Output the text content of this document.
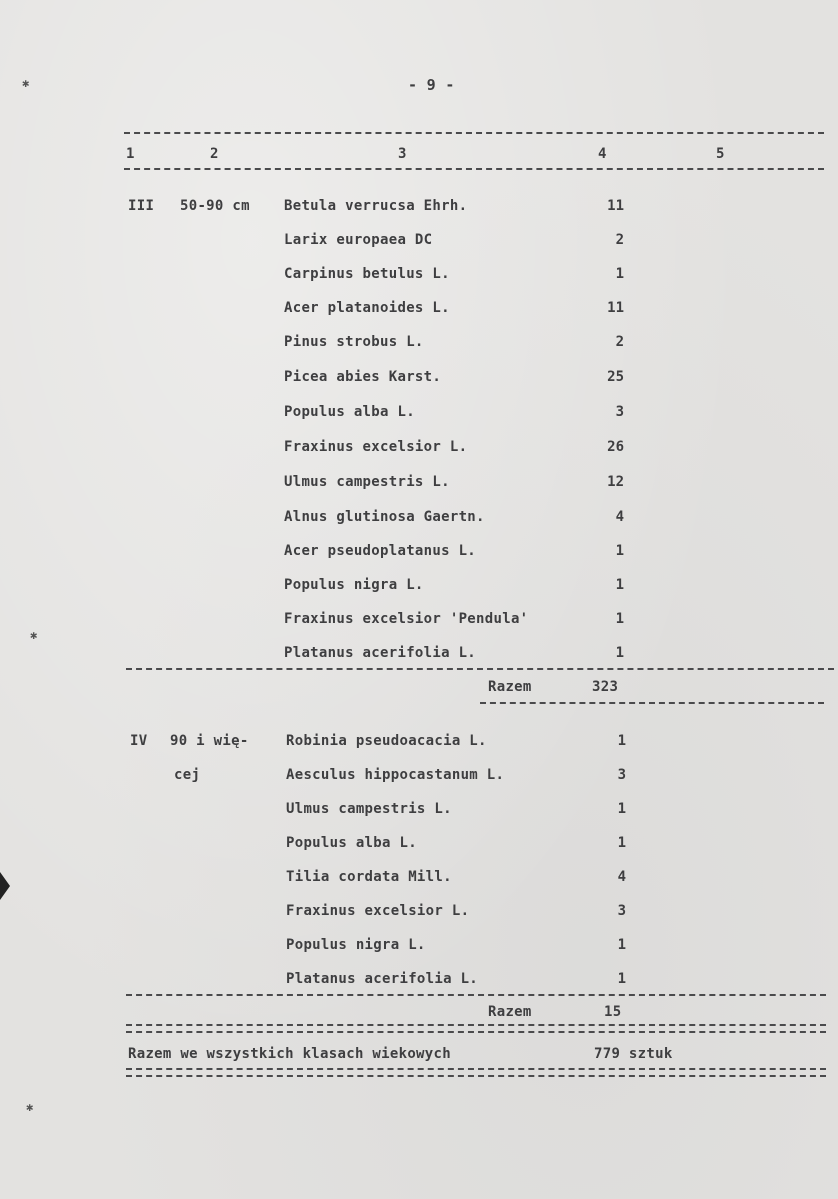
✱
✱
✱
- 9 -
1	2	3	4	5
III 50-90 cm Betula verrucsa Ehrh.	11
Larix europaea DC	2
Carpinus betulus L.	1
Acer platanoides L.	11
Pinus strobus L.	2
Picea abies Karst.	25
Populus alba L.	3
Fraxinus excelsior L.	26
Ulmus campestris L.	12
Alnus glutinosa Gaertn.	4
Acer pseudoplatanus L.	1
Populus nigra L.	1
Fraxinus excelsior 'Pendula'	1
Platanus acerifolia L.	1
Razem	323
IV 90 i wię-
cej
Robinia pseudoacacia L.	1
Aesculus hippocastanum L.	3
Ulmus campestris L.	1
Populus alba L.	1
Tilia cordata Mill.	4
Fraxinus excelsior L.	3
Populus nigra L.	1
Platanus acerifolia L.	1
Razem	15
Razem we wszystkich klasach wiekowych	779 sztuk
